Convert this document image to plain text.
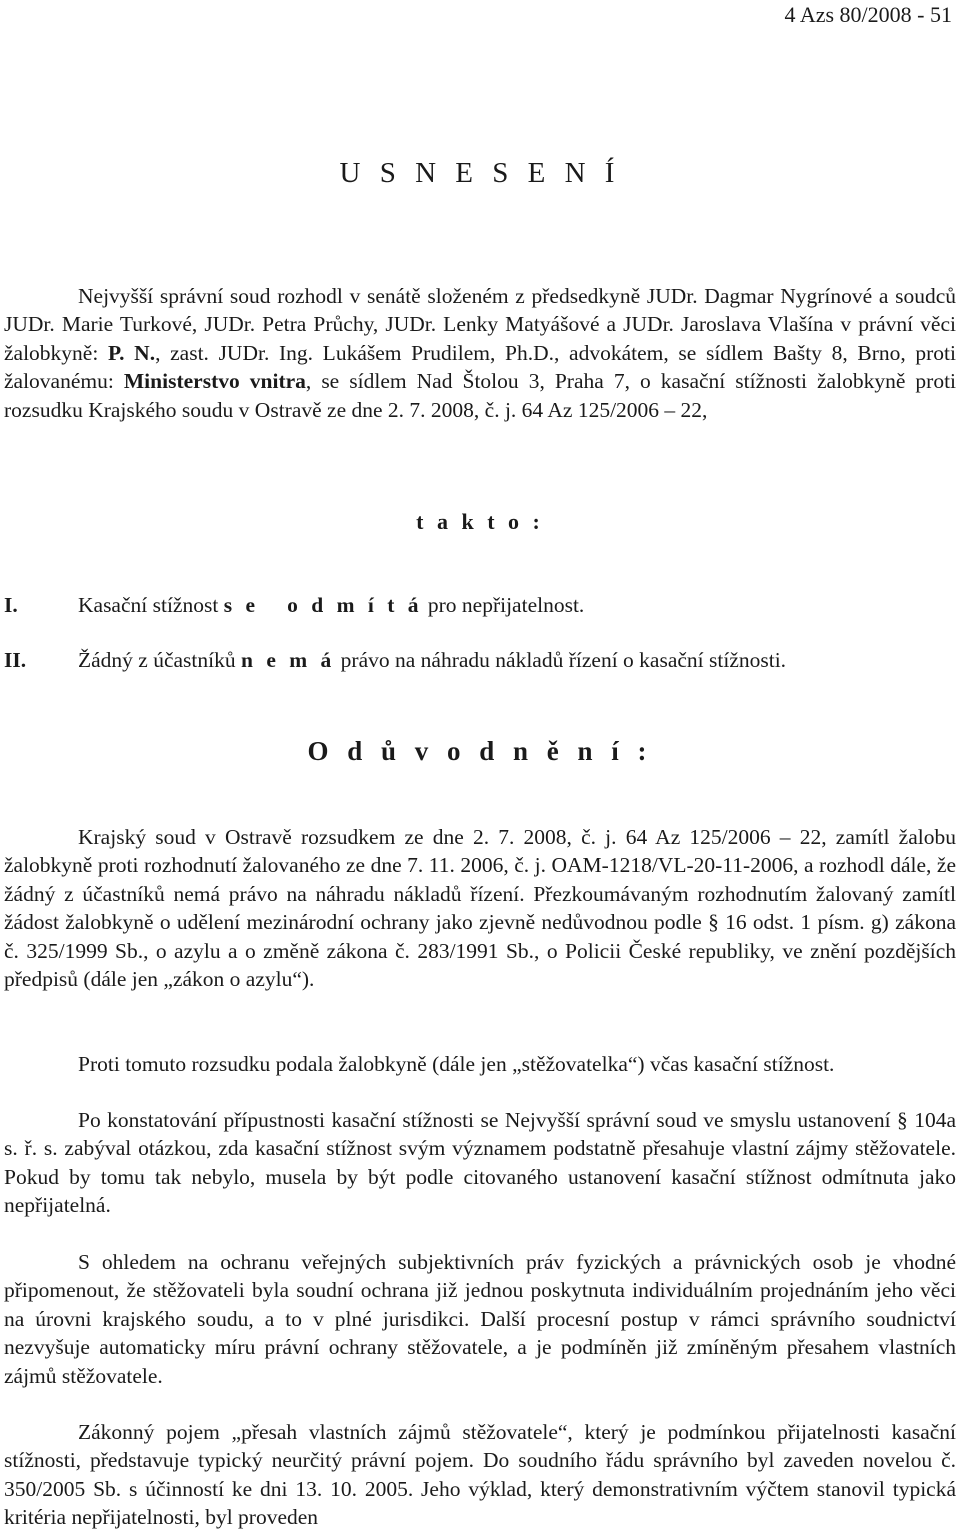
4 Azs 80/2008 - 51
U S N E S E N Í
Nejvyšší správní soud rozhodl v senátě složeném z předsedkyně JUDr. Dagmar Nygrínové a soudců JUDr. Marie Turkové, JUDr. Petra Průchy, JUDr. Lenky Matyášové a JUDr. Jaroslava Vlašína v právní věci žalobkyně: P. N., zast. JUDr. Ing. Lukášem Prudilem, Ph.D., advokátem, se sídlem Bašty 8, Brno, proti žalovanému: Ministerstvo vnitra, se sídlem Nad Štolou 3, Praha 7, o kasační stížnosti žalobkyně proti rozsudku Krajského soudu v Ostravě ze dne 2. 7. 2008, č. j. 64 Az 125/2006 – 22,
t a k t o :
I.	Kasační stížnost s e   o d m í t á pro nepřijatelnost.
II. Žádný z účastníků n e m á právo na náhradu nákladů řízení o kasační stížnosti.
O d ů v o d n ě n í :
Krajský soud v Ostravě rozsudkem ze dne 2. 7. 2008, č. j. 64 Az 125/2006 – 22, zamítl žalobu žalobkyně proti rozhodnutí žalovaného ze dne 7. 11. 2006, č. j. OAM-1218/VL-20-11-2006, a rozhodl dále, že žádný z účastníků nemá právo na náhradu nákladů řízení. Přezkoumávaným rozhodnutím žalovaný zamítl žádost žalobkyně o udělení mezinárodní ochrany jako zjevně nedůvodnou podle § 16 odst. 1 písm. g) zákona č. 325/1999 Sb., o azylu a o změně zákona č. 283/1991 Sb., o Policii České republiky, ve znění pozdějších předpisů (dále jen „zákon o azylu“).
Proti tomuto rozsudku podala žalobkyně (dále jen „stěžovatelka“) včas kasační stížnost.
Po konstatování přípustnosti kasační stížnosti se Nejvyšší správní soud ve smyslu ustanovení § 104a s. ř. s. zabýval otázkou, zda kasační stížnost svým významem podstatně přesahuje vlastní zájmy stěžovatele. Pokud by tomu tak nebylo, musela by být podle citovaného ustanovení kasační stížnost odmítnuta jako nepřijatelná.
S ohledem na ochranu veřejných subjektivních práv fyzických a právnických osob je vhodné připomenout, že stěžovateli byla soudní ochrana již jednou poskytnuta individuálním projednáním jeho věci na úrovni krajského soudu, a to v plné jurisdikci. Další procesní postup v rámci správního soudnictví nezvyšuje automaticky míru právní ochrany stěžovatele, a je podmíněn již zmíněným přesahem vlastních zájmů stěžovatele.
Zákonný pojem „přesah vlastních zájmů stěžovatele“, který je podmínkou přijatelnosti kasační stížnosti, představuje typický neurčitý právní pojem. Do soudního řádu správního byl zaveden novelou č. 350/2005 Sb. s účinností ke dni 13. 10. 2005. Jeho výklad, který demonstrativním výčtem stanovil typická kritéria nepřijatelnosti, byl proveden
